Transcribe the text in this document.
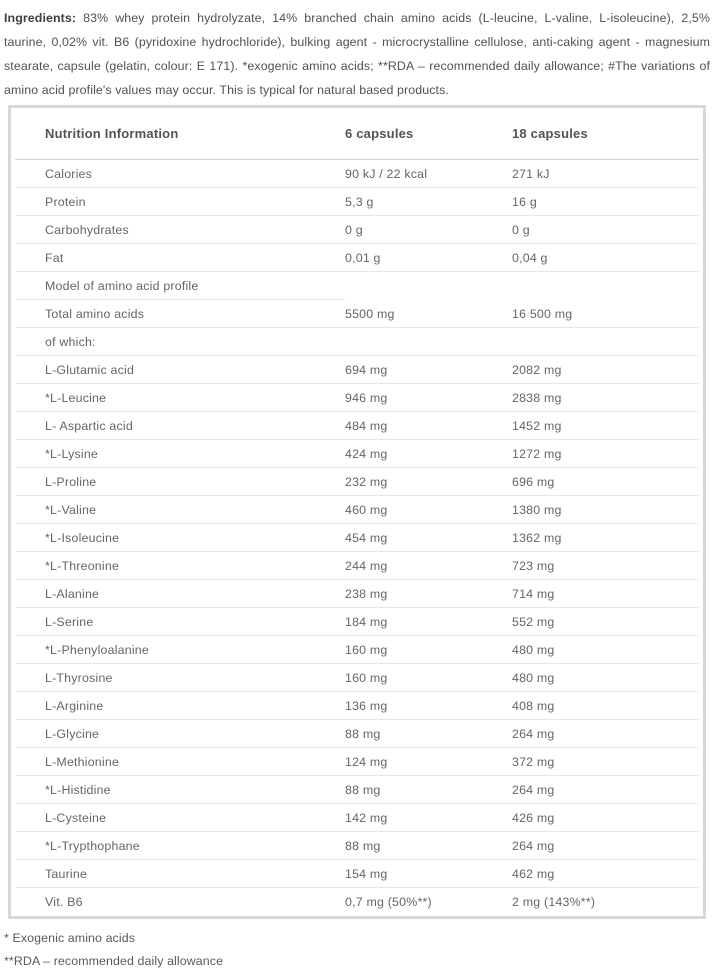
Ingredients: 83% whey protein hydrolyzate, 14% branched chain amino acids (L-leucine, L-valine, L-isoleucine), 2,5% taurine, 0,02% vit. B6 (pyridoxine hydrochloride), bulking agent - microcrystalline cellulose, anti-caking agent - magnesium stearate, capsule (gelatin, colour: E 171). *exogenic amino acids; **RDA – recommended daily allowance; #The variations of amino acid profile's values may occur. This is typical for natural based products.

Nutrition Information	6 capsules	18 capsules
Calories	90 kJ / 22 kcal	271 kJ
Protein	5,3 g	16 g
Carbohydrates	0 g	0 g
Fat	0,01 g	0,04 g
Model of amino acid profile
Total amino acids	5500 mg	16 500 mg
of which:
L-Glutamic acid	694 mg	2082 mg
*L-Leucine	946 mg	2838 mg
L- Aspartic acid	484 mg	1452 mg
*L-Lysine	424 mg	1272 mg
L-Proline	232 mg	696 mg
*L-Valine	460 mg	1380 mg
*L-Isoleucine	454 mg	1362 mg
*L-Threonine	244 mg	723 mg
L-Alanine	238 mg	714 mg
L-Serine	184 mg	552 mg
*L-Phenyloalanine	160 mg	480 mg
L-Thyrosine	160 mg	480 mg
L-Arginine	136 mg	408 mg
L-Glycine	88 mg	264 mg
L-Methionine	124 mg	372 mg
*L-Histidine	88 mg	264 mg
L-Cysteine	142 mg	426 mg
*L-Trypthophane	88 mg	264 mg
Taurine	154 mg	462 mg
Vit. B6	0,7 mg (50%**)	2 mg (143%**)

* Exogenic amino acids

**RDA – recommended daily allowance
